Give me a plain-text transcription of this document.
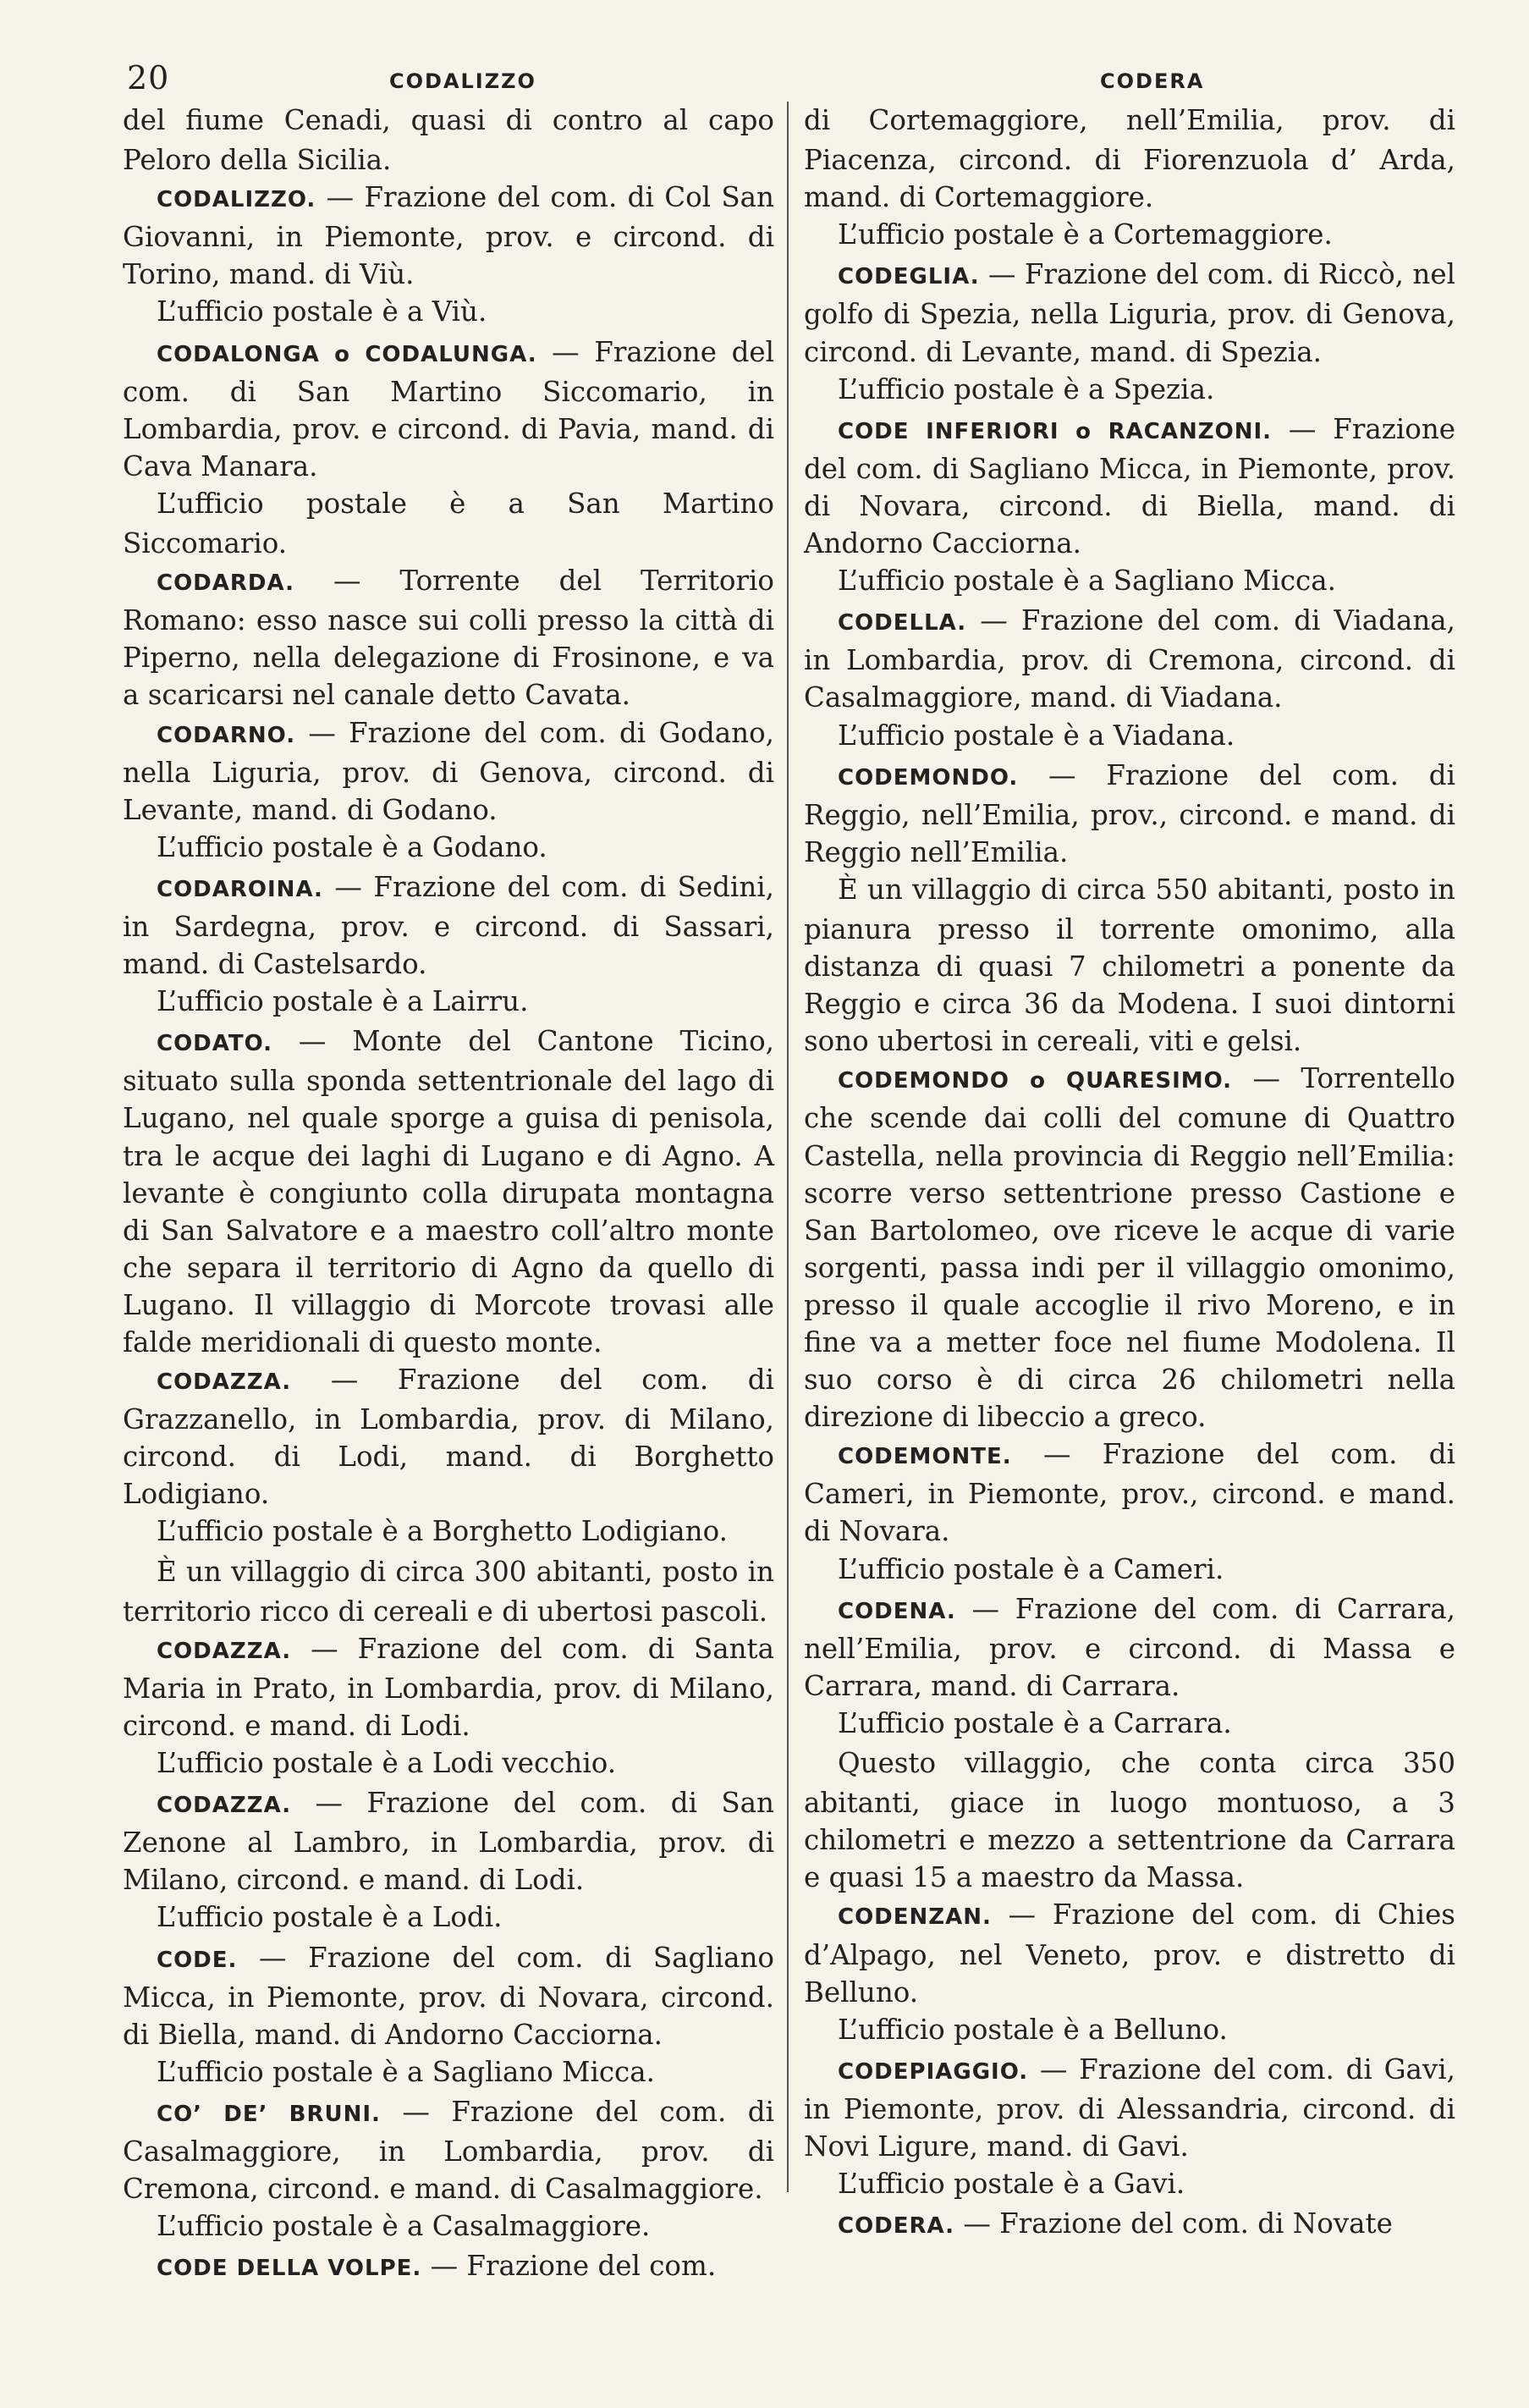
20	CODALIZZO	CODERA

del fiume Cenadi, quasi di contro al capo Peloro della Sicilia.

CODALIZZO. — Frazione del com. di Col San Giovanni, in Piemonte, prov. e circond. di Torino, mand. di Viù.

L’ufficio postale è a Viù.

CODALONGA o CODALUNGA. — Frazione del com. di San Martino Siccomario, in Lombardia, prov. e circond. di Pavia, mand. di Cava Manara.

L’ufficio postale è a San Martino Siccomario.

CODARDA. — Torrente del Territorio Romano: esso nasce sui colli presso la città di Piperno, nella delegazione di Frosinone, e va a scaricarsi nel canale detto Cavata.

CODARNO. — Frazione del com. di Godano, nella Liguria, prov. di Genova, circond. di Levante, mand. di Godano.

L’ufficio postale è a Godano.

CODAROINA. — Frazione del com. di Sedini, in Sardegna, prov. e circond. di Sassari, mand. di Castelsardo.

L’ufficio postale è a Lairru.

CODATO. — Monte del Cantone Ticino, situato sulla sponda settentrionale del lago di Lugano, nel quale sporge a guisa di penisola, tra le acque dei laghi di Lugano e di Agno. A levante è congiunto colla dirupata montagna di San Salvatore e a maestro coll’altro monte che separa il territorio di Agno da quello di Lugano. Il villaggio di Morcote trovasi alle falde meridionali di questo monte.

CODAZZA. — Frazione del com. di Grazzanello, in Lombardia, prov. di Milano, circond. di Lodi, mand. di Borghetto Lodigiano.

L’ufficio postale è a Borghetto Lodigiano.

È un villaggio di circa 300 abitanti, posto in territorio ricco di cereali e di ubertosi pascoli.

CODAZZA. — Frazione del com. di Santa Maria in Prato, in Lombardia, prov. di Milano, circond. e mand. di Lodi.

L’ufficio postale è a Lodi vecchio.

CODAZZA. — Frazione del com. di San Zenone al Lambro, in Lombardia, prov. di Milano, circond. e mand. di Lodi.

L’ufficio postale è a Lodi.

CODE. — Frazione del com. di Sagliano Micca, in Piemonte, prov. di Novara, circond. di Biella, mand. di Andorno Cacciorna.

L’ufficio postale è a Sagliano Micca.

CO’ DE’ BRUNI. — Frazione del com. di Casalmaggiore, in Lombardia, prov. di Cremona, circond. e mand. di Casalmaggiore.

L’ufficio postale è a Casalmaggiore.

CODE DELLA VOLPE. — Frazione del com.

di Cortemaggiore, nell’Emilia, prov. di Piacenza, circond. di Fiorenzuola d’ Arda, mand. di Cortemaggiore.

L’ufficio postale è a Cortemaggiore.

CODEGLIA. — Frazione del com. di Riccò, nel golfo di Spezia, nella Liguria, prov. di Genova, circond. di Levante, mand. di Spezia.

L’ufficio postale è a Spezia.

CODE INFERIORI o RACANZONI. — Frazione del com. di Sagliano Micca, in Piemonte, prov. di Novara, circond. di Biella, mand. di Andorno Cacciorna.

L’ufficio postale è a Sagliano Micca.

CODELLA. — Frazione del com. di Viadana, in Lombardia, prov. di Cremona, circond. di Casalmaggiore, mand. di Viadana.

L’ufficio postale è a Viadana.

CODEMONDO. — Frazione del com. di Reggio, nell’Emilia, prov., circond. e mand. di Reggio nell’Emilia.

È un villaggio di circa 550 abitanti, posto in pianura presso il torrente omonimo, alla distanza di quasi 7 chilometri a ponente da Reggio e circa 36 da Modena. I suoi dintorni sono ubertosi in cereali, viti e gelsi.

CODEMONDO o QUARESIMO. — Torrentello che scende dai colli del comune di Quattro Castella, nella provincia di Reggio nell’Emilia: scorre verso settentrione presso Castione e San Bartolomeo, ove riceve le acque di varie sorgenti, passa indi per il villaggio omonimo, presso il quale accoglie il rivo Moreno, e in fine va a metter foce nel fiume Modolena. Il suo corso è di circa 26 chilometri nella direzione di libeccio a greco.

CODEMONTE. — Frazione del com. di Cameri, in Piemonte, prov., circond. e mand. di Novara.

L’ufficio postale è a Cameri.

CODENA. — Frazione del com. di Carrara, nell’Emilia, prov. e circond. di Massa e Carrara, mand. di Carrara.

L’ufficio postale è a Carrara.

Questo villaggio, che conta circa 350 abitanti, giace in luogo montuoso, a 3 chilometri e mezzo a settentrione da Carrara e quasi 15 a maestro da Massa.

CODENZAN. — Frazione del com. di Chies d’Alpago, nel Veneto, prov. e distretto di Belluno.

L’ufficio postale è a Belluno.

CODEPIAGGIO. — Frazione del com. di Gavi, in Piemonte, prov. di Alessandria, circond. di Novi Ligure, mand. di Gavi.

L’ufficio postale è a Gavi.

CODERA. — Frazione del com. di Novate
